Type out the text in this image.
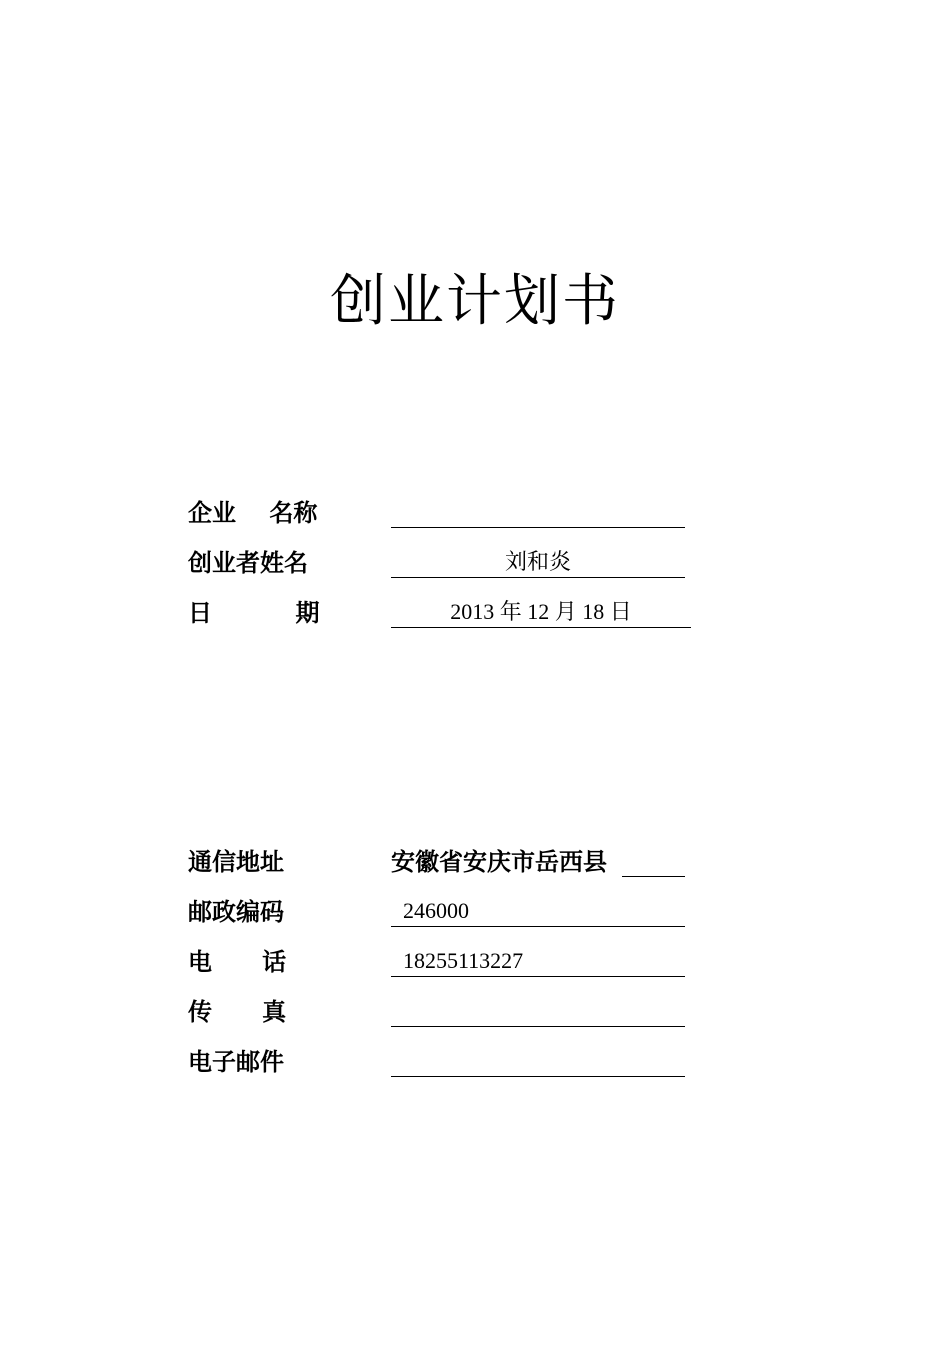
创业计划书
企业    名称
创业者姓名	刘和炎
日          期	2013 年 12 月 18 日
通信地址	安徽省安庆市岳西县
邮政编码	246000
电      话	18255113227
传      真
电子邮件
